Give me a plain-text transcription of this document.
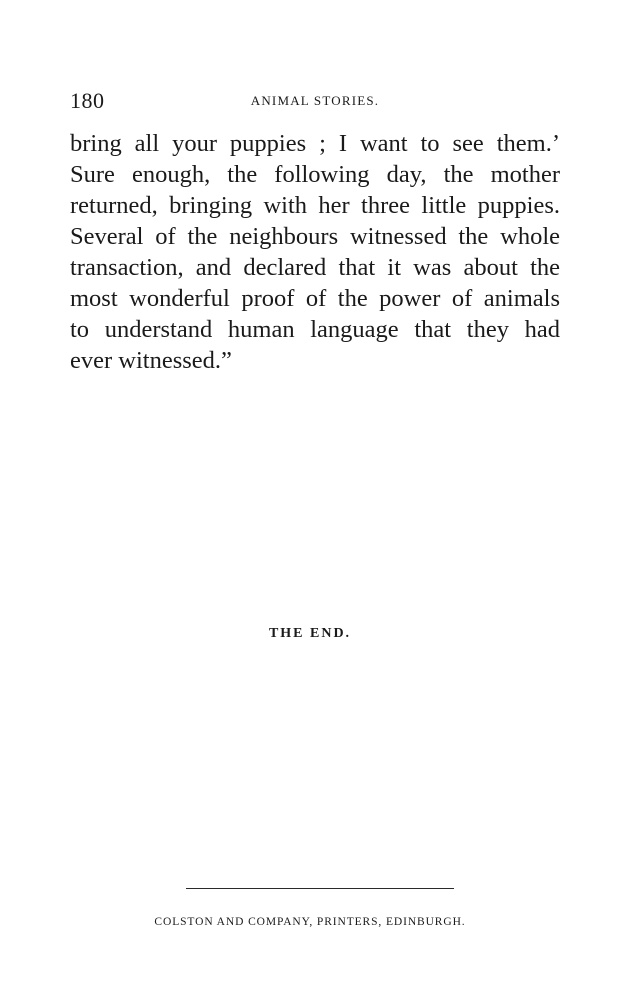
180	ANIMAL STORIES.
bring all your puppies ; I want to see them.’
Sure enough, the following day, the mother
returned, bringing with her three little puppies.
Several of the neighbours witnessed the whole
transaction, and declared that it was about the
most wonderful proof of the power of animals
to understand human language that they had
ever witnessed.”
THE END.
COLSTON AND COMPANY, PRINTERS, EDINBURGH.
